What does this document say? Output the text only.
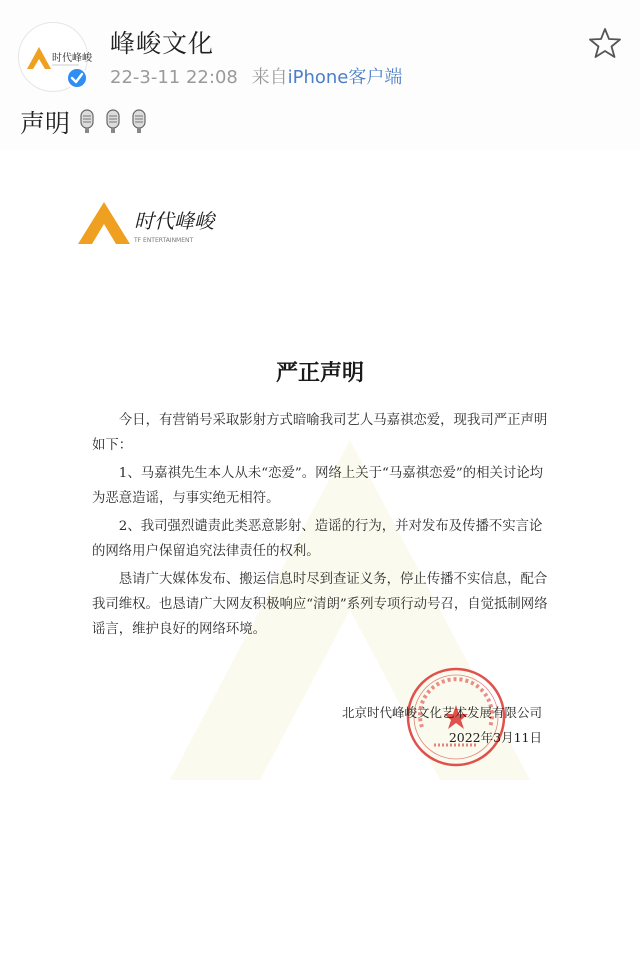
时代峰峻
峰峻文化
22-3-11 22:08 来自iPhone客户端
声明
时代峰峻
TF ENTERTAINMENT
严正声明

今日，有营销号采取影射方式暗喻我司艺人马嘉祺恋爱，现我司严正声明如下：

1、马嘉祺先生本人从未“恋爱”。网络上关于“马嘉祺恋爱”的相关讨论均为恶意造谣，与事实绝无相符。

2、我司强烈谴责此类恶意影射、造谣的行为，并对发布及传播不实言论的网络用户保留追究法律责任的权利。

恳请广大媒体发布、搬运信息时尽到查证义务，停止传播不实信息，配合我司维权。也恳请广大网友积极响应“清朗”系列专项行动号召，自觉抵制网络谣言，维护良好的网络环境。

北京时代峰峻文化艺术发展有限公司
2022年3月11日
